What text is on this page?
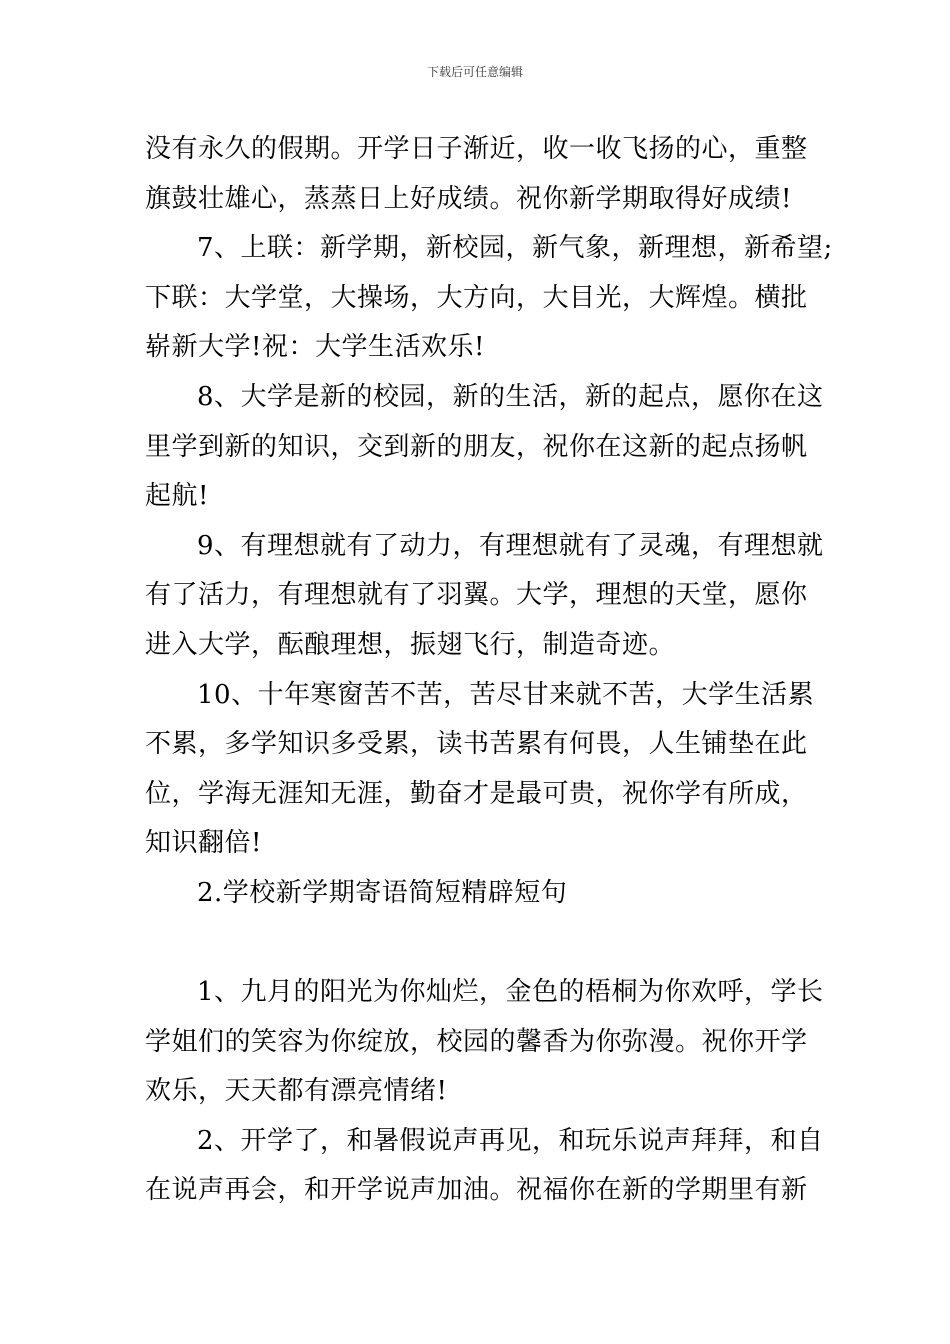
下载后可任意编辑
没有永久的假期。开学日子渐近，收一收飞扬的心，重整
旗鼓壮雄心，蒸蒸日上好成绩。祝你新学期取得好成绩!
7、上联：新学期，新校园，新气象，新理想，新希望;
下联：大学堂，大操场，大方向，大目光，大辉煌。横批
崭新大学!祝：大学生活欢乐!
8、大学是新的校园，新的生活，新的起点，愿你在这
里学到新的知识，交到新的朋友，祝你在这新的起点扬帆
起航!
9、有理想就有了动力，有理想就有了灵魂，有理想就
有了活力，有理想就有了羽翼。大学，理想的天堂，愿你
进入大学，酝酿理想，振翅飞行，制造奇迹。
10、十年寒窗苦不苦，苦尽甘来就不苦，大学生活累
不累，多学知识多受累，读书苦累有何畏，人生铺垫在此
位，学海无涯知无涯，勤奋才是最可贵，祝你学有所成，
知识翻倍!
2.学校新学期寄语简短精辟短句
1、九月的阳光为你灿烂，金色的梧桐为你欢呼，学长
学姐们的笑容为你绽放，校园的馨香为你弥漫。祝你开学
欢乐，天天都有漂亮情绪!
2、开学了，和暑假说声再见，和玩乐说声拜拜，和自
在说声再会，和开学说声加油。祝福你在新的学期里有新
